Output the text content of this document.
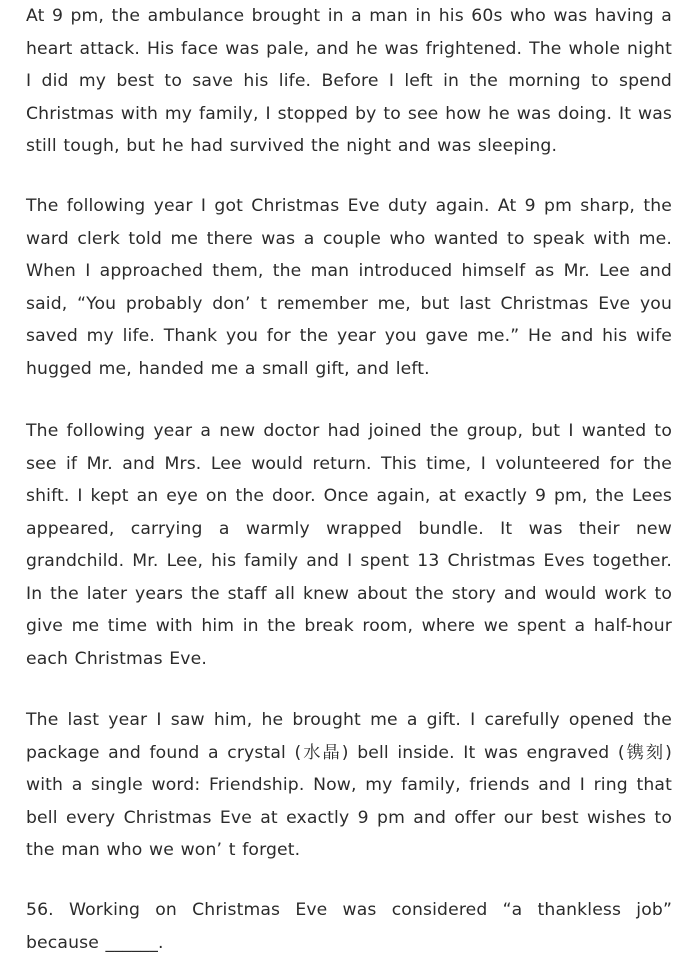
At 9 pm, the ambulance brought in a man in his 60s who was having a heart attack. His face was pale, and he was frightened. The whole night I did my best to save his life. Before I left in the morning to spend Christmas with my family, I stopped by to see how he was doing. It was still tough, but he had survived the night and was sleeping.

The following year I got Christmas Eve duty again. At 9 pm sharp, the ward clerk told me there was a couple who wanted to speak with me. When I approached them, the man introduced himself as Mr. Lee and said, “You probably don’ t remember me, but last Christmas Eve you saved my life. Thank you for the year you gave me.” He and his wife hugged me, handed me a small gift, and left.

The following year a new doctor had joined the group, but I wanted to see if Mr. and Mrs. Lee would return. This time, I volunteered for the shift. I kept an eye on the door. Once again, at exactly 9 pm, the Lees appeared, carrying a warmly wrapped bundle. It was their new grandchild. Mr. Lee, his family and I spent 13 Christmas Eves together. In the later years the staff all knew about the story and would work to give me time with him in the break room, where we spent a half-hour each Christmas Eve.

The last year I saw him, he brought me a gift. I carefully opened the package and found a crystal (水晶) bell inside. It was engraved (镌刻) with a single word: Friendship. Now, my family, friends and I ring that bell every Christmas Eve at exactly 9 pm and offer our best wishes to the man who we won’ t forget.

56. Working on Christmas Eve was considered “a thankless job” because ______.
